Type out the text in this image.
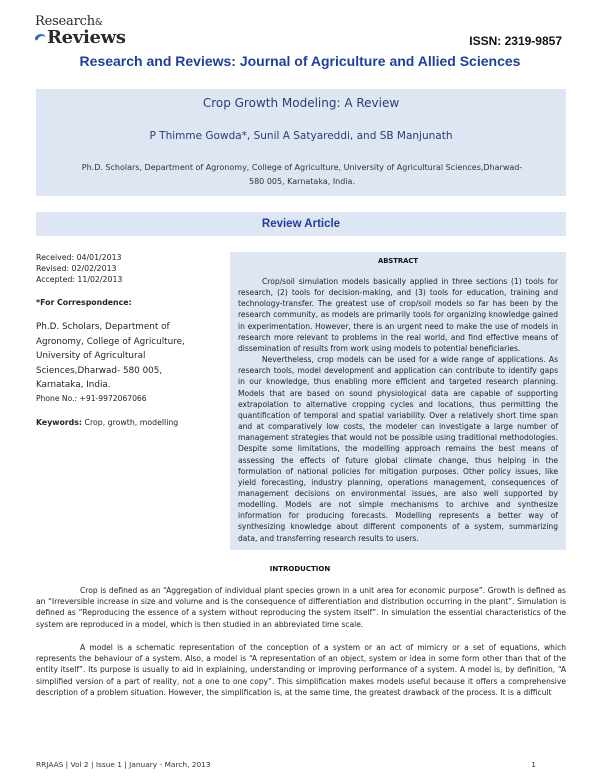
Research&
Reviews	ISSN: 2319-9857
Research and Reviews: Journal of Agriculture and Allied Sciences
Crop Growth Modeling: A Review
P Thimme Gowda*, Sunil A Satyareddi, and SB Manjunath
Ph.D. Scholars, Department of Agronomy, College of Agriculture, University of Agricultural Sciences,Dharwad- 580 005, Karnataka, India.
Review Article
Received: 04/01/2013
Revised: 02/02/2013
Accepted: 11/02/2013
*For Correspondence:
Ph.D. Scholars, Department of
Agronomy, College of Agriculture,
University of Agricultural
Sciences,Dharwad- 580 005,
Karnataka, India.
Phone No.: +91-9972067066
Keywords: Crop, growth, modelling
ABSTRACT

Crop/soil simulation models basically applied in three sections (1) tools for research, (2) tools for decision-making, and (3) tools for education, training and technology-transfer. The greatest use of crop/soil models so far has been by the research community, as models are primarily tools for organizing knowledge gained in experimentation. However, there is an urgent need to make the use of models in research more relevant to problems in the real world, and find effective means of dissemination of results from work using models to potential beneficiaries.

Nevertheless, crop models can be used for a wide range of applications. As research tools, model development and application can contribute to identify gaps in our knowledge, thus enabling more efficient and targeted research planning. Models that are based on sound physiological data are capable of supporting extrapolation to alternative cropping cycles and locations, thus permitting the quantification of temporal and spatial variability. Over a relatively short time span and at comparatively low costs, the modeler can investigate a large number of management strategies that would not be possible using traditional methodologies. Despite some limitations, the modelling approach remains the best means of assessing the effects of future global climate change, thus helping in the formulation of national policies for mitigation purposes. Other policy issues, like yield forecasting, industry planning, operations management, consequences of management decisions on environmental issues, are also well supported by modelling. Models are not simple mechanisms to archive and synthesize information for producing forecasts. Modelling represents a better way of synthesizing knowledge about different components of a system, summarizing data, and transferring research results to users.

INTRODUCTION

Crop is defined as an “Aggregation of individual plant species grown in a unit area for economic purpose”. Growth is defined as an “Irreversible increase in size and volume and is the consequence of differentiation and distribution occurring in the plant”. Simulation is defined as “Reproducing the essence of a system without reproducing the system itself”. In simulation the essential characteristics of the system are reproduced in a model, which is then studied in an abbreviated time scale.

A model is a schematic representation of the conception of a system or an act of mimicry or a set of equations, which represents the behaviour of a system. Also, a model is “A representation of an object, system or idea in some form other than that of the entity itself”. Its purpose is usually to aid in explaining, understanding or improving performance of a system. A model is, by definition, “A simplified version of a part of reality, not a one to one copy”. This simplification makes models useful because it offers a comprehensive description of a problem situation. However, the simplification is, at the same time, the greatest drawback of the process. It is a difficult

RRJAAS | Vol 2 | Issue 1 | January - March, 2013	1
